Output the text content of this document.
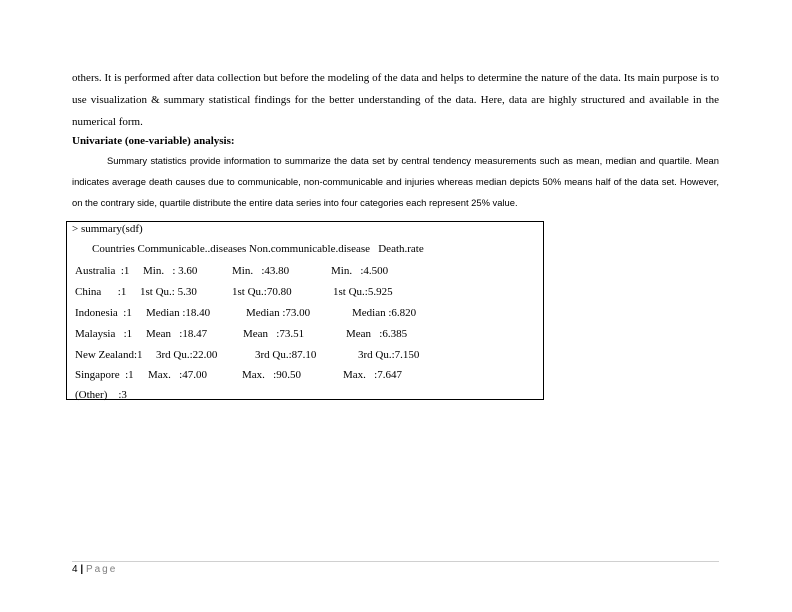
others. It is performed after data collection but before the modeling of the data and helps to determine the nature of the data. Its main purpose is to use visualization & summary statistical findings for the better understanding of the data. Here, data are highly structured and available in the numerical form.

Univariate (one-variable) analysis:

Summary statistics provide information to summarize the data set by central tendency measurements such as mean, median and quartile. Mean indicates average death causes due to communicable, non-communicable and injuries whereas median depicts 50% means half of the data set. However, on the contrary side, quartile distribute the entire data series into four categories each represent 25% value.

> summary(sdf)
Countries Communicable..diseases Non.communicable.disease   Death.rate
Australia  :1 Min.   : 3.60	Min.   :43.80	Min.   :4.500
China      :1 1st Qu.: 5.30	1st Qu.:70.80	1st Qu.:5.925
Indonesia  :1 Median :18.40	Median :73.00	Median :6.820
Malaysia   :1 Mean   :18.47	Mean   :73.51	Mean   :6.385
New Zealand:1 3rd Qu.:22.00	3rd Qu.:87.10	3rd Qu.:7.150
Singapore  :1 Max.   :47.00	Max.   :90.50	Max.   :7.647
(Other)    :3
4 | Page
